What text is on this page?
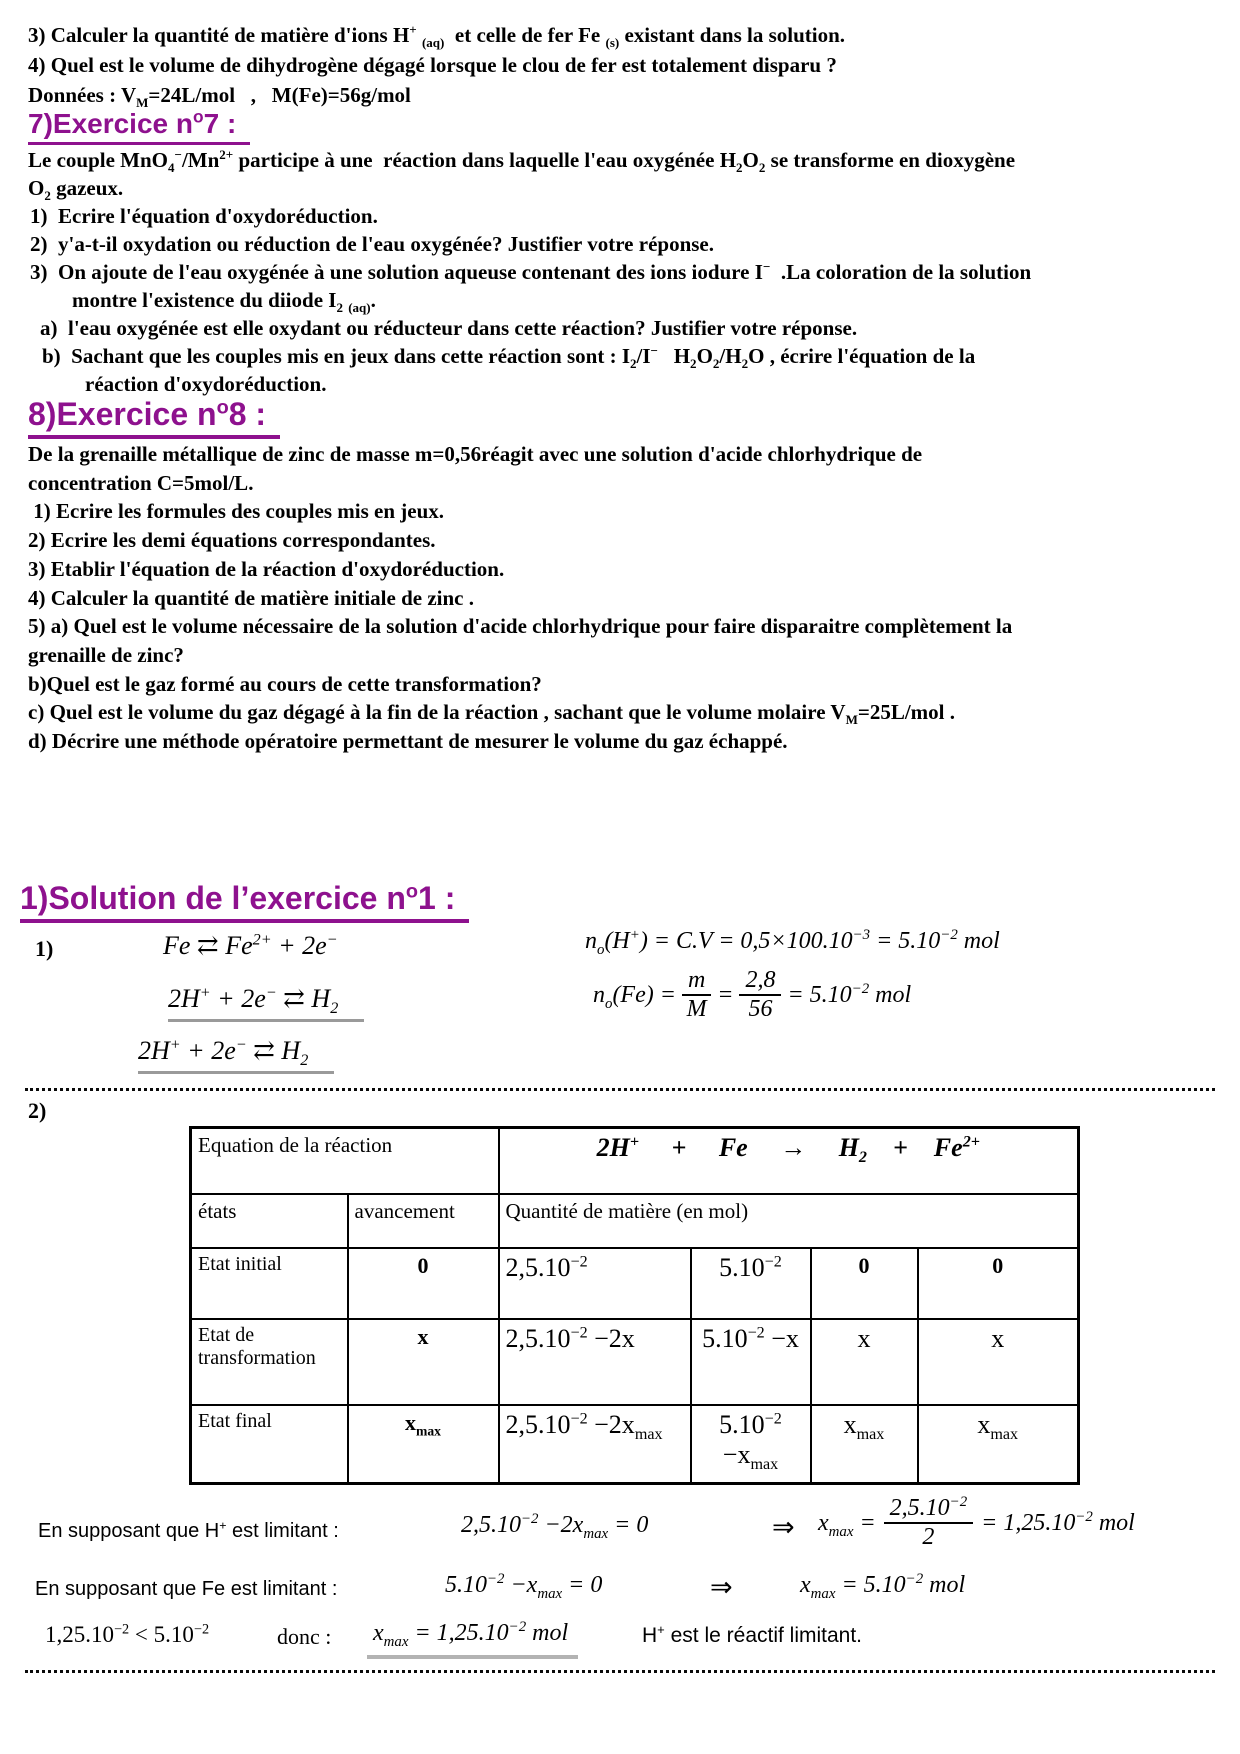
3) Calculer la quantité de matière d'ions H+ $_{(aq)}$  et celle de fer Fe $_{(s)}$ existant dans la solution.
4) Quel est le volume de dihydrogène dégagé lorsque le clou de fer est totalement disparu ?
Données : $V_M=24L$/mol   ,   M(Fe)=56g/mol
7)Exercice $n^o7$ :
Le couple $MnO_4^-/Mn^{2+}$ participe à une  réaction dans laquelle l'eau oxygénée $H_2O_2$ se transforme en dioxygène
$O_2$ gazeux.
1)  Ecrire l'équation d'oxydoréduction.
2)  y'a-t-il oxydation ou réduction de l'eau oxygénée? Justifier votre réponse.
3)  On ajoute de l'eau oxygénée à une solution aqueuse contenant des ions iodure I−  .La coloration de la solution
montre l'existence du diiode $I_2$ $_{(aq)}$.
a)  l'eau oxygénée est elle oxydant ou réducteur dans cette réaction? Justifier votre réponse.
b)  Sachant que les couples mis en jeux dans cette réaction sont : $I_2/I^-$   $H_2O_2/H_2O$ , écrire l'équation de la
réaction d'oxydoréduction.
8)Exercice $n^o8$ :
De la grenaille métallique de zinc de masse m=0,56réagit avec une solution d'acide chlorhydrique de
concentration C=5mol/L.
1) Ecrire les formules des couples mis en jeux.
2) Ecrire les demi équations correspondantes.
3) Etablir l'équation de la réaction d'oxydoréduction.
4) Calculer la quantité de matière initiale de zinc .
5) a) Quel est le volume nécessaire de la solution d'acide chlorhydrique pour faire disparaitre complètement la
grenaille de zinc?
b)Quel est le gaz formé au cours de cette transformation?
c) Quel est le volume du gaz dégagé à la fin de la réaction , sachant que le volume molaire $V_M=25L$/mol .
d) Décrire une méthode opératoire permettant de mesurer le volume du gaz échappé.
1)Solution de l’exercice $n^o1$ :
1)	Fe ⇄ $Fe^{2+} + 2e^-$
2H+ + 2e− ⇄ $H_2$
2H+ + 2e− ⇄ $H_2$
$n_o(H^+) = C.V = 0,5\times 100.10^{-3} = 5.10^{-2}$ mol
$n_o(Fe) = \frac{m}{M} = \frac{2,8}{56} = 5.10^{-2}$ mol
2)
Equation de la réaction		2H+     +     Fe     →     $H_2$    +    $Fe^{2+}$
états	avancement	Quantité de matière (en mol)			
Etat initial	0	$2,5.10^{-2}$	$5.10^{-2}$	0	0
Etat de transformation	x	$2,5.10^{-2} -2x$	$5.10^{-2} -x$	x	x
Etat final	$x_{max}$	$2,5.10^{-2} -2x_{max}$	$5.10^{-2} -x_{max}$	$x_{max}$	$x_{max}$
En supposant que H+ est limitant :	$2,5.10^{-2} -2x_{max} = 0$	⇒ $x_{max} = \frac{2,5.10^{-2}}{2} = 1,25.10^{-2}$ mol
En supposant que Fe est limitant :	$5.10^{-2} -x_{max} = 0$	⇒	$x_{max} = 5.10^{-2}$ mol
$1,25.10^{-2} < 5.10^{-2}$	donc : $x_{max} = 1,25.10^{-2}$ mol	H+ est le réactif limitant.
